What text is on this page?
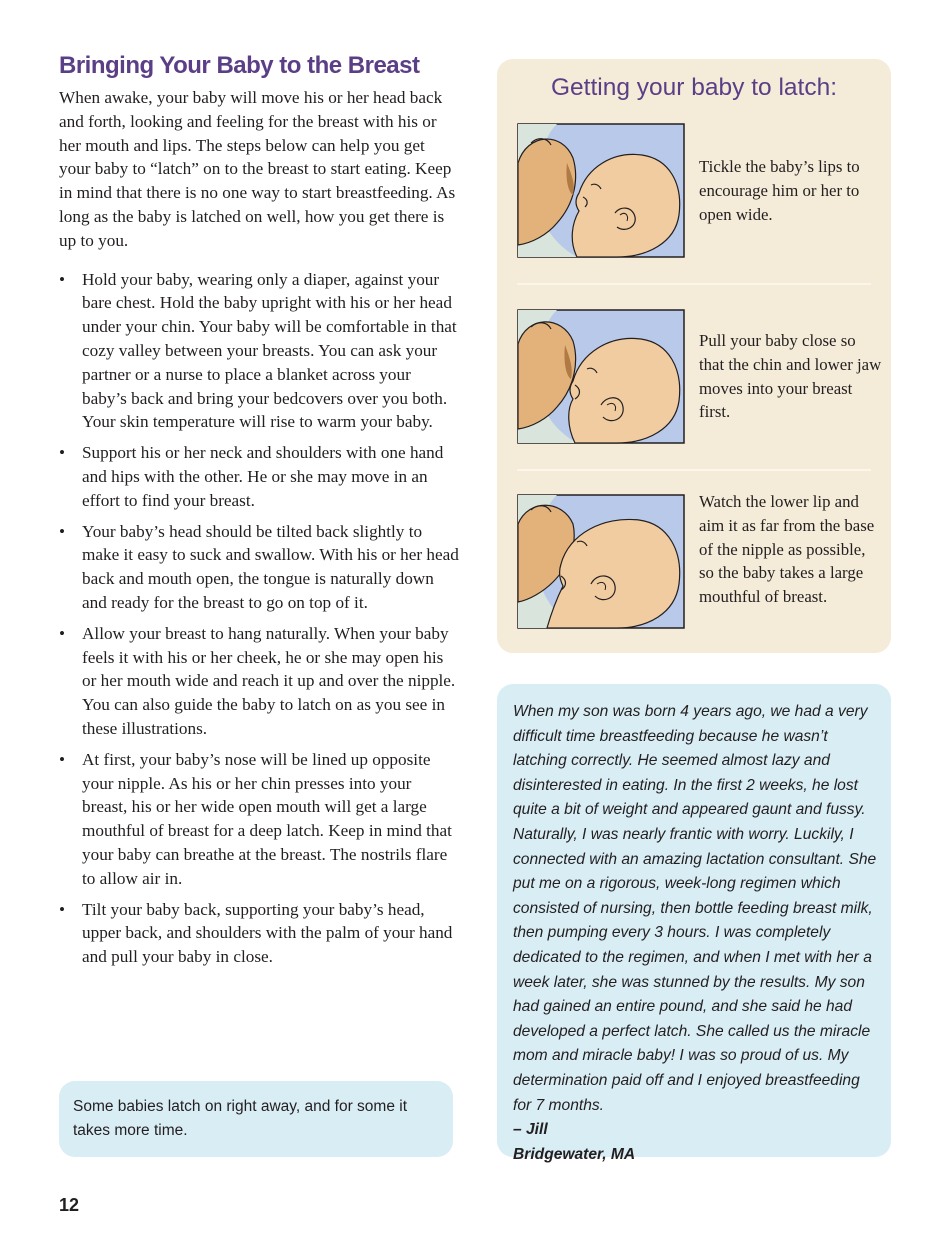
Bringing Your Baby to the Breast

When awake, your baby will move his or her head back and forth, looking and feeling for the breast with his or her mouth and lips. The steps below can help you get your baby to “latch” on to the breast to start eating. Keep in mind that there is no one way to start breastfeeding. As long as the baby is latched on well, how you get there is up to you.

• Hold your baby, wearing only a diaper, against your bare chest. Hold the baby upright with his or her head under your chin. Your baby will be comfortable in that cozy valley between your breasts. You can ask your partner or a nurse to place a blanket across your baby’s back and bring your bedcovers over you both. Your skin temperature will rise to warm your baby.
• Support his or her neck and shoulders with one hand and hips with the other. He or she may move in an effort to find your breast.
• Your baby’s head should be tilted back slightly to make it easy to suck and swallow. With his or her head back and mouth open, the tongue is naturally down and ready for the breast to go on top of it.
• Allow your breast to hang naturally. When your baby feels it with his or her cheek, he or she may open his or her mouth wide and reach it up and over the nipple. You can also guide the baby to latch on as you see in these illustrations.
• At first, your baby’s nose will be lined up opposite your nipple. As his or her chin presses into your breast, his or her wide open mouth will get a large mouthful of breast for a deep latch. Keep in mind that your baby can breathe at the breast. The nostrils flare to allow air in.
• Tilt your baby back, supporting your baby’s head, upper back, and shoulders with the palm of your hand and pull your baby in close.
Some babies latch on right away, and for some it takes more time.
Getting your baby to latch:
Tickle the baby’s lips to encourage him or her to open wide.
Pull your baby close so that the chin and lower jaw moves into your breast first.
Watch the lower lip and aim it as far from the base of the nipple as possible, so the baby takes a large mouthful of breast.

When my son was born 4 years ago, we had a very difficult time breastfeeding because he wasn’t latching correctly. He seemed almost lazy and disinterested in eating. In the first 2 weeks, he lost quite a bit of weight and appeared gaunt and fussy. Naturally, I was nearly frantic with worry. Luckily, I connected with an amazing lactation consultant. She put me on a rigorous, week-long regimen which consisted of nursing, then bottle feeding breast milk, then pumping every 3 hours. I was completely dedicated to the regimen, and when I met with her a week later, she was stunned by the results. My son had gained an entire pound, and she said he had developed a perfect latch. She called us the miracle mom and miracle baby! I was so proud of us. My determination paid off and I enjoyed breastfeeding for 7 months.

– Jill

Bridgewater, MA

12
